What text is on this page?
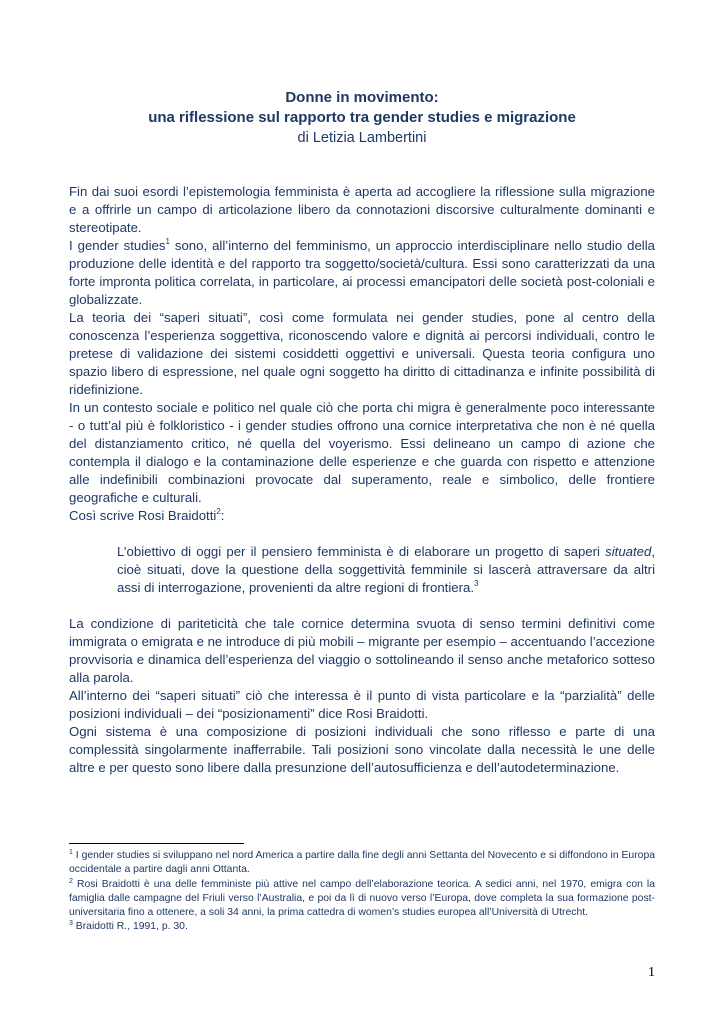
Donne in movimento:
una riflessione sul rapporto tra gender studies e migrazione
di Letizia Lambertini

Fin dai suoi esordi l’epistemologia femminista è aperta ad accogliere la riflessione sulla migrazione e a offrirle un campo di articolazione libero da connotazioni discorsive culturalmente dominanti e stereotipate.

I gender studies$^1$ sono, all’interno del femminismo, un approccio interdisciplinare nello studio della produzione delle identità e del rapporto tra soggetto/società/cultura. Essi sono caratterizzati da una forte impronta politica correlata, in particolare, ai processi emancipatori delle società post-coloniali e globalizzate.

La teoria dei “saperi situati”, così come formulata nei gender studies, pone al centro della conoscenza l’esperienza soggettiva, riconoscendo valore e dignità ai percorsi individuali, contro le pretese di validazione dei sistemi cosiddetti oggettivi e universali. Questa teoria configura uno spazio libero di espressione, nel quale ogni soggetto ha diritto di cittadinanza e infinite possibilità di ridefinizione.

In un contesto sociale e politico nel quale ciò che porta chi migra è generalmente poco interessante - o tutt’al più è folkloristico - i gender studies offrono una cornice interpretativa che non è né quella del distanziamento critico, né quella del voyerismo. Essi delineano un campo di azione che contempla il dialogo e la contaminazione delle esperienze e che guarda con rispetto e attenzione alle indefinibili combinazioni provocate dal superamento, reale e simbolico, delle frontiere geografiche e culturali.

Così scrive Rosi Braidotti$^2$:

L’obiettivo di oggi per il pensiero femminista è di elaborare un progetto di saperi situated, cioè situati, dove la questione della soggettività femminile si lascerà attraversare da altri assi di interrogazione, provenienti da altre regioni di frontiera.$^3$

La condizione di pariteticità che tale cornice determina svuota di senso termini definitivi come immigrata o emigrata e ne introduce di più mobili – migrante per esempio – accentuando l’accezione provvisoria e dinamica dell’esperienza del viaggio o sottolineando il senso anche metaforico sotteso alla parola.

All’interno dei “saperi situati” ciò che interessa è il punto di vista particolare e la “parzialità” delle posizioni individuali – dei “posizionamenti” dice Rosi Braidotti.

Ogni sistema è una composizione di posizioni individuali che sono riflesso e parte di una complessità singolarmente inafferrabile. Tali posizioni sono vincolate dalla necessità le une delle altre e per questo sono libere dalla presunzione dell’autosufficienza e dell’autodeterminazione.

$^1$ I gender studies si sviluppano nel nord America a partire dalla fine degli anni Settanta del Novecento e si diffondono in Europa occidentale a partire dagli anni Ottanta.

$^2$ Rosi Braidotti è una delle femministe più attive nel campo dell’elaborazione teorica. A sedici anni, nel 1970, emigra con la famiglia dalle campagne del Friuli verso l’Australia, e poi da lì di nuovo verso l’Europa, dove completa la sua formazione post-universitaria fino a ottenere, a soli 34 anni, la prima cattedra di women’s studies europea all’Università di Utrecht.

$^3$ Braidotti R., 1991, p. 30.

1
